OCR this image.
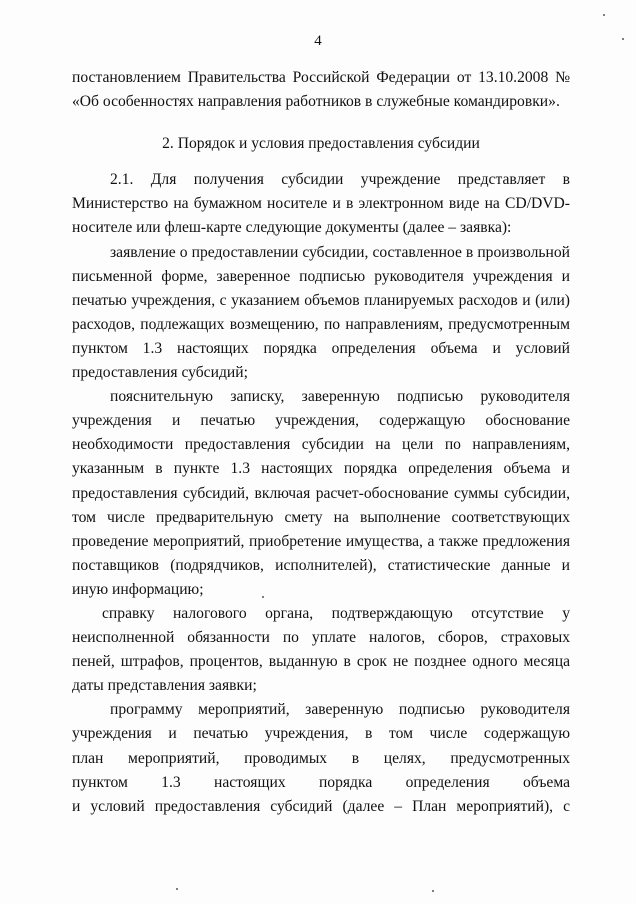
4
постановлением Правительства Российской Федерации от 13.10.2008 №
«Об особенностях направления работников в служебные командировки».
2. Порядок и условия предоставления субсидии
2.1. Для получения субсидии учреждение представляет в
Министерство на бумажном носителе и в электронном виде на CD/DVD-
носителе или флеш-карте следующие документы (далее – заявка):
заявление о предоставлении субсидии, составленное в произвольной
письменной форме, заверенное подписью руководителя учреждения и
печатью учреждения, с указанием объемов планируемых расходов и (или)
расходов, подлежащих возмещению, по направлениям, предусмотренным
пунктом 1.3 настоящих порядка определения объема и условий
предоставления субсидий;
пояснительную записку, заверенную подписью руководителя
учреждения и печатью учреждения, содержащую обоснование
необходимости предоставления субсидии на цели по направлениям,
указанным в пункте 1.3 настоящих порядка определения объема и
предоставления субсидий, включая расчет-обоснование суммы субсидии,
том числе предварительную смету на выполнение соответствующих
проведение мероприятий, приобретение имущества, а также предложения
поставщиков (подрядчиков, исполнителей), статистические данные и
иную информацию;
справку налогового органа, подтверждающую отсутствие у
неисполненной обязанности по уплате налогов, сборов, страховых
пеней, штрафов, процентов, выданную в срок не позднее одного месяца
даты представления заявки;
программу мероприятий, заверенную подписью руководителя
учреждения и печатью учреждения, в том числе содержащую
план мероприятий, проводимых в целях, предусмотренных
пунктом 1.3 настоящих порядка определения объема
и условий предоставления субсидий (далее – План мероприятий), с
